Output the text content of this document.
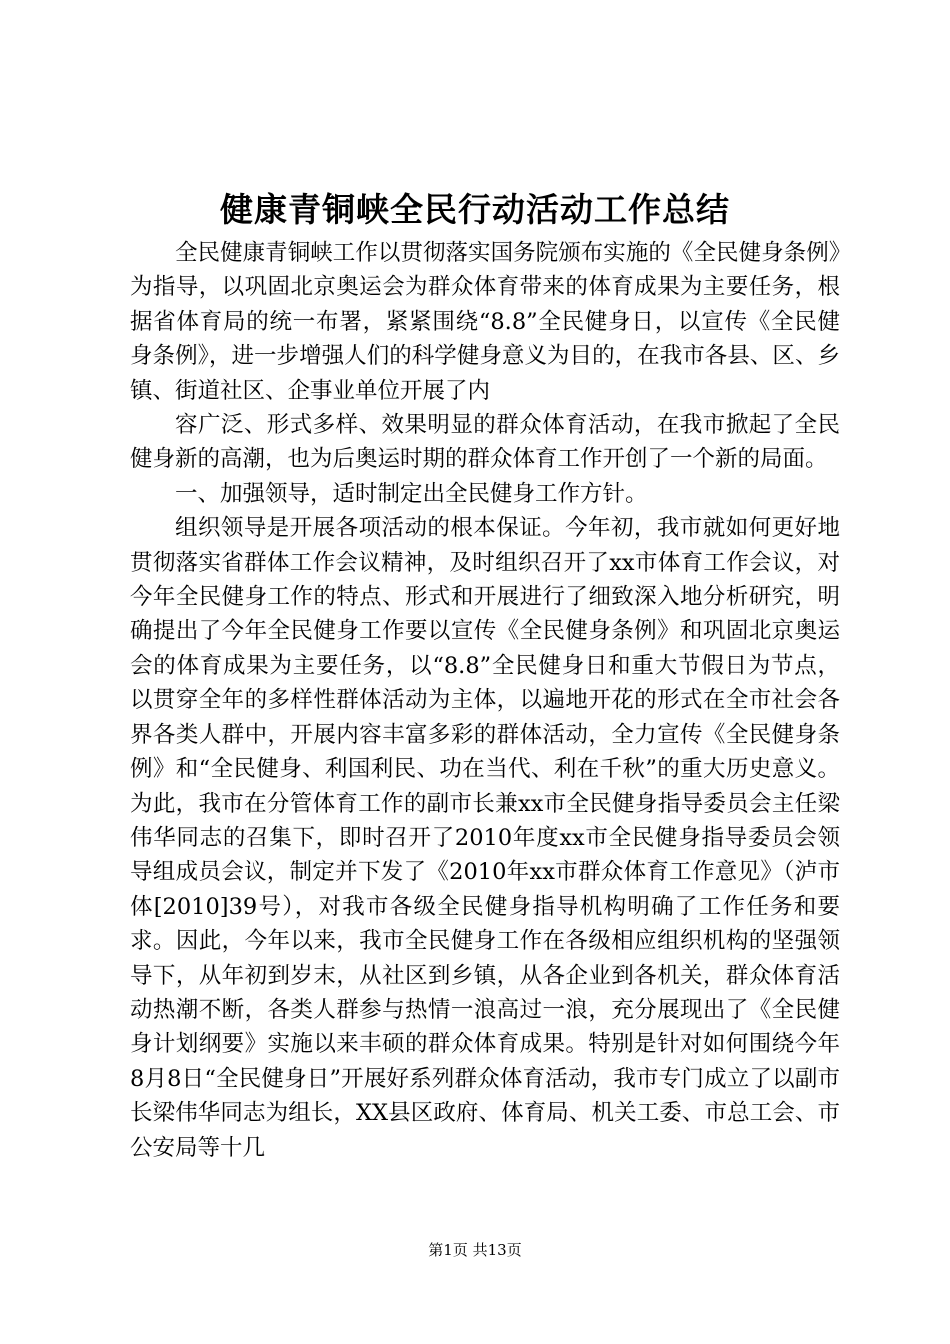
健康青铜峡全民行动活动工作总结

全民健康青铜峡工作以贯彻落实国务院颁布实施的《全民健身条例》为指导，以巩固北京奥运会为群众体育带来的体育成果为主要任务，根据省体育局的统一布署，紧紧围绕“8.8”全民健身日，以宣传《全民健身条例》，进一步增强人们的科学健身意义为目的，在我市各县、区、乡镇、街道社区、企事业单位开展了内

容广泛、形式多样、效果明显的群众体育活动，在我市掀起了全民健身新的高潮，也为后奥运时期的群众体育工作开创了一个新的局面。

一、加强领导，适时制定出全民健身工作方针。

组织领导是开展各项活动的根本保证。今年初，我市就如何更好地贯彻落实省群体工作会议精神，及时组织召开了xx市体育工作会议，对今年全民健身工作的特点、形式和开展进行了细致深入地分析研究，明确提出了今年全民健身工作要以宣传《全民健身条例》和巩固北京奥运会的体育成果为主要任务，以“8.8”全民健身日和重大节假日为节点，以贯穿全年的多样性群体活动为主体，以遍地开花的形式在全市社会各界各类人群中，开展内容丰富多彩的群体活动，全力宣传《全民健身条例》和“全民健身、利国利民、功在当代、利在千秋”的重大历史意义。为此，我市在分管体育工作的副市长兼xx市全民健身指导委员会主任梁伟华同志的召集下，即时召开了2010年度xx市全民健身指导委员会领导组成员会议，制定并下发了《2010年xx市群众体育工作意见》（泸市体[2010]39号），对我市各级全民健身指导机构明确了工作任务和要求。因此，今年以来，我市全民健身工作在各级相应组织机构的坚强领导下，从年初到岁末，从社区到乡镇，从各企业到各机关，群众体育活动热潮不断，各类人群参与热情一浪高过一浪，充分展现出了《全民健身计划纲要》实施以来丰硕的群众体育成果。特别是针对如何围绕今年8月8日“全民健身日”开展好系列群众体育活动，我市专门成立了以副市长梁伟华同志为组长，XX县区政府、体育局、机关工委、市总工会、市公安局等十几

第1页 共13页
